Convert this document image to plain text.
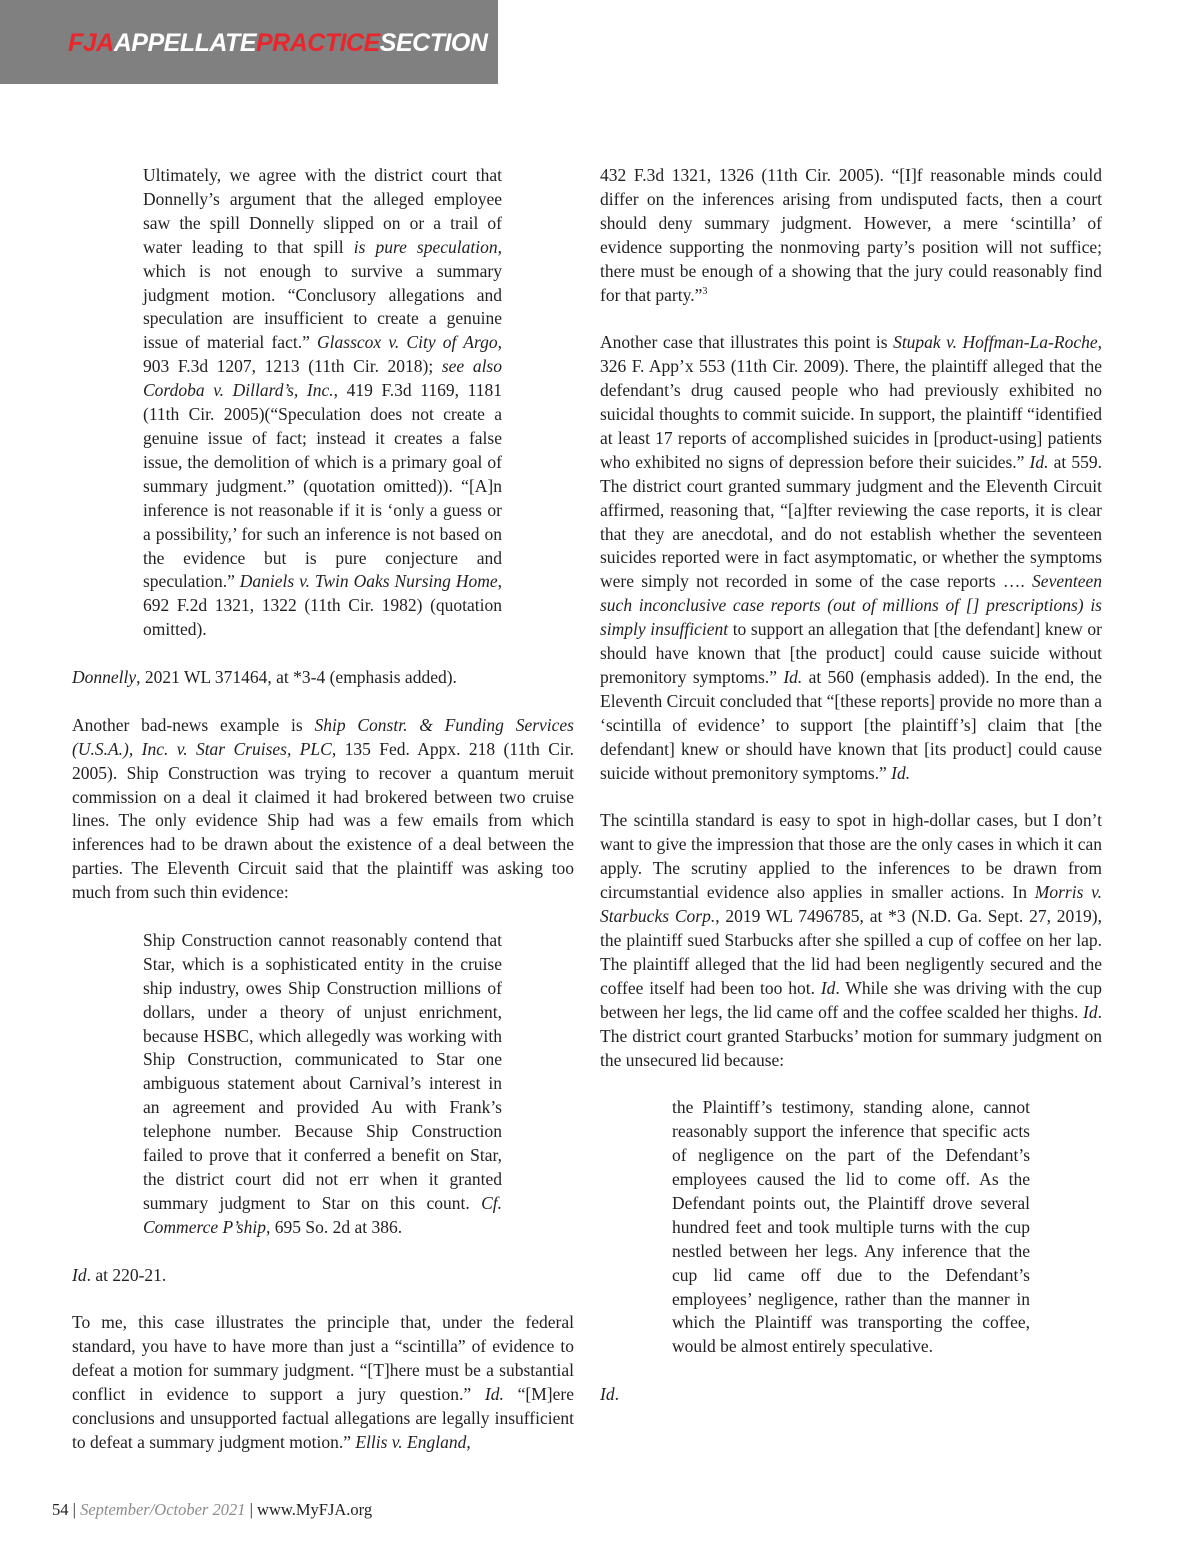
FJAAPPELLATEPRACTICESECTION

Ultimately, we agree with the district court that Donnelly’s argument that the alleged employee saw the spill Donnelly slipped on or a trail of water leading to that spill is pure speculation, which is not enough to survive a summary judgment motion. “Conclusory allegations and speculation are insufficient to create a genuine issue of material fact.” Glasscox v. City of Argo, 903 F.3d 1207, 1213 (11th Cir. 2018); see also Cordoba v. Dillard’s, Inc., 419 F.3d 1169, 1181 (11th Cir. 2005)(“Speculation does not create a genuine issue of fact; instead it creates a false issue, the demolition of which is a primary goal of summary judgment.” (quotation omitted)). “[A]n inference is not reasonable if it is ‘only a guess or a possibility,’ for such an inference is not based on the evidence but is pure conjecture and speculation.” Daniels v. Twin Oaks Nursing Home, 692 F.2d 1321, 1322 (11th Cir. 1982) (quotation omitted).

Donnelly, 2021 WL 371464, at *3-4 (emphasis added).

Another bad-news example is Ship Constr. & Funding Services (U.S.A.), Inc. v. Star Cruises, PLC, 135 Fed. Appx. 218 (11th Cir. 2005). Ship Construction was trying to recover a quantum meruit commission on a deal it claimed it had brokered between two cruise lines. The only evidence Ship had was a few emails from which inferences had to be drawn about the existence of a deal between the parties. The Eleventh Circuit said that the plaintiff was asking too much from such thin evidence:

Ship Construction cannot reasonably contend that Star, which is a sophisticated entity in the cruise ship industry, owes Ship Construction millions of dollars, under a theory of unjust enrichment, because HSBC, which allegedly was working with Ship Construction, communicated to Star one ambiguous statement about Carnival’s interest in an agreement and provided Au with Frank’s telephone number. Because Ship Construction failed to prove that it conferred a benefit on Star, the district court did not err when it granted summary judgment to Star on this count. Cf. Commerce P’ship, 695 So. 2d at 386.

Id. at 220-21.

To me, this case illustrates the principle that, under the federal standard, you have to have more than just a “scintilla” of evidence to defeat a motion for summary judgment. “[T]here must be a substantial conflict in evidence to support a jury question.” Id. “[M]ere conclusions and unsupported factual allegations are legally insufficient to defeat a summary judgment motion.” Ellis v. England,

432 F.3d 1321, 1326 (11th Cir. 2005). “[I]f reasonable minds could differ on the inferences arising from undisputed facts, then a court should deny summary judgment. However, a mere ‘scintilla’ of evidence supporting the nonmoving party’s position will not suffice; there must be enough of a showing that the jury could reasonably find for that party.”$^3$

Another case that illustrates this point is Stupak v. Hoffman-La-Roche, 326 F. App’x 553 (11th Cir. 2009). There, the plaintiff alleged that the defendant’s drug caused people who had previously exhibited no suicidal thoughts to commit suicide. In support, the plaintiff “identified at least 17 reports of accomplished suicides in [product-using] patients who exhibited no signs of depression before their suicides.” Id. at 559. The district court granted summary judgment and the Eleventh Circuit affirmed, reasoning that, “[a]fter reviewing the case reports, it is clear that they are anecdotal, and do not establish whether the seventeen suicides reported were in fact asymptomatic, or whether the symptoms were simply not recorded in some of the case reports …. Seventeen such inconclusive case reports (out of millions of [] prescriptions) is simply insufficient to support an allegation that [the defendant] knew or should have known that [the product] could cause suicide without premonitory symptoms.” Id. at 560 (emphasis added). In the end, the Eleventh Circuit concluded that “[these reports] provide no more than a ‘scintilla of evidence’ to support [the plaintiff’s] claim that [the defendant] knew or should have known that [its product] could cause suicide without premonitory symptoms.” Id.

The scintilla standard is easy to spot in high-dollar cases, but I don’t want to give the impression that those are the only cases in which it can apply. The scrutiny applied to the inferences to be drawn from circumstantial evidence also applies in smaller actions. In Morris v. Starbucks Corp., 2019 WL 7496785, at *3 (N.D. Ga. Sept. 27, 2019), the plaintiff sued Starbucks after she spilled a cup of coffee on her lap. The plaintiff alleged that the lid had been negligently secured and the coffee itself had been too hot. Id. While she was driving with the cup between her legs, the lid came off and the coffee scalded her thighs. Id. The district court granted Starbucks’ motion for summary judgment on the unsecured lid because:

the Plaintiff’s testimony, standing alone, cannot reasonably support the inference that specific acts of negligence on the part of the Defendant’s employees caused the lid to come off. As the Defendant points out, the Plaintiff drove several hundred feet and took multiple turns with the cup nestled between her legs. Any inference that the cup lid came off due to the Defendant’s employees’ negligence, rather than the manner in which the Plaintiff was transporting the coffee, would be almost entirely speculative.

Id.

54 | September/October 2021 | www.MyFJA.org
